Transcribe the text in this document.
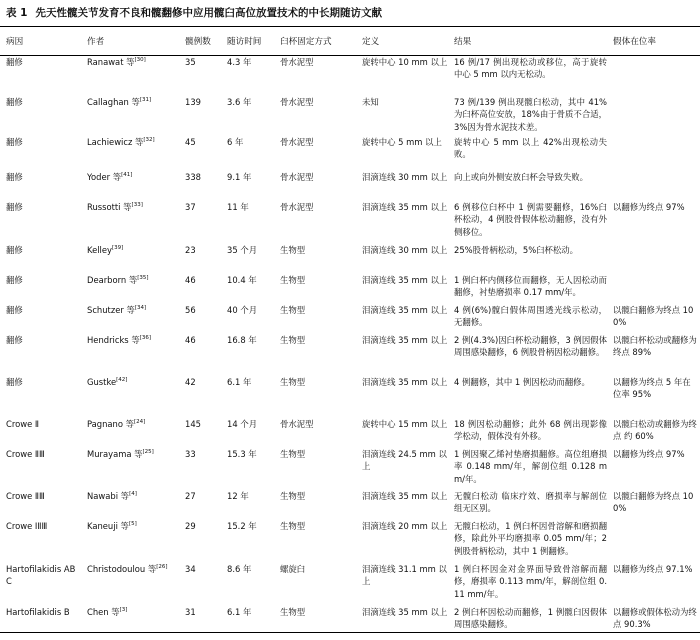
表 1 先天性髋关节发育不良和髋翻修中应用髋臼高位放置技术的中长期随访文献
病因	作者	髋例数	随访时间	臼杯固定方式	定义	结果	假体在位率
翻修	Ranawat 等[30]	35	4.3 年	骨水泥型	旋转中心 10 mm 以上	16 例/17 例出现松动或移位，高于旋转中心 5 mm 以内无松动。	
翻修	Callaghan 等[31]	139	3.6 年	骨水泥型	未知	73 例/139 例出现髋臼松动，其中 41%为臼杯高位安放，18%由于骨质不合适，3%因为骨水泥技术差。	
翻修	Lachiewicz 等[32]	45	6 年	骨水泥型	旋转中心 5 mm 以上	旋转中心 5 mm 以上 42%出现松动失败。	
翻修	Yoder 等[41]	338	9.1 年	骨水泥型	泪滴连线 30 mm 以上	向上或向外侧安放臼杯会导致失败。	
翻修	Russotti 等[33]	37	11 年	骨水泥型	泪滴连线 35 mm 以上	6 例移位臼杯中 1 例需要翻修，16%臼杯松动，4 例股骨假体松动翻修，没有外侧移位。	以翻修为终点 97%
翻修	Kelley[39]	23	35 个月	生物型	泪滴连线 30 mm 以上	25%股骨柄松动，5%臼杯松动。	
翻修	Dearborn 等[35]	46	10.4 年	生物型	泪滴连线 35 mm 以上	1 例臼杯内侧移位而翻修，无人因松动而翻修，衬垫磨损率 0.17 mm/年。	
翻修	Schutzer 等[34]	56	40 个月	生物型	泪滴连线 35 mm 以上	4 例(6%)髋臼假体周围透光线示松动，无翻修。	以髋臼翻修为终点 100%
翻修	Hendricks 等[36]	46	16.8 年	生物型	泪滴连线 35 mm 以上	2 例(4.3%)因臼杯松动翻修，3 例因假体周围感染翻修，6 例股骨柄因松动翻修。	以髋臼杯松动或翻修为终点 89%
翻修	Gustke[42]	42	6.1 年	生物型	泪滴连线 35 mm 以上	4 例翻修，其中 1 例因松动而翻修。	以翻修为终点 5 年在位率 95%
Crowe Ⅱ	Pagnano 等[24]	145	14 个月	骨水泥型	旋转中心 15 mm 以上	18 例因松动翻修；此外 68 例出现影像学松动，假体没有外移。	以髋臼松动或翻修为终点 约 60%
Crowe ⅡⅢ	Murayama 等[25]	33	15.3 年	生物型	泪滴连线 24.5 mm 以上	1 例因聚乙烯衬垫磨损翻修。高位组磨损率 0.148 mm/年，解剖位组 0.128 mm/年。	以翻修为终点 97%
Crowe ⅡⅢ	Nawabi 等[4]	27	12 年	生物型	泪滴连线 35 mm 以上	无髋臼松动 临床疗效、磨损率与解剖位组无区别。	以髋臼翻修为终点 100%
Crowe ⅠⅡⅢ	Kaneuji 等[5]	29	15.2 年	生物型	泪滴连线 20 mm 以上	无髋臼松动，1 例臼杯因骨溶解和磨损翻修，除此外平均磨损率 0.05 mm/年；2 例股骨柄松动，其中 1 例翻修。	
Hartofilakidis ABC	Christodoulou 等[26]	34	8.6 年	螺旋臼	泪滴连线 31.1 mm 以上	1 例臼杯因金对金界面导致骨溶解而翻修，磨损率 0.113 mm/年，解剖位组 0.11 mm/年。	以翻修为终点 97.1%
Hartofilakidis B	Chen 等[3]	31	6.1 年	生物型	泪滴连线 35 mm 以上	2 例臼杯因松动而翻修，1 例髋臼因假体周围感染翻修。	以翻修或假体松动为终点 90.3%
